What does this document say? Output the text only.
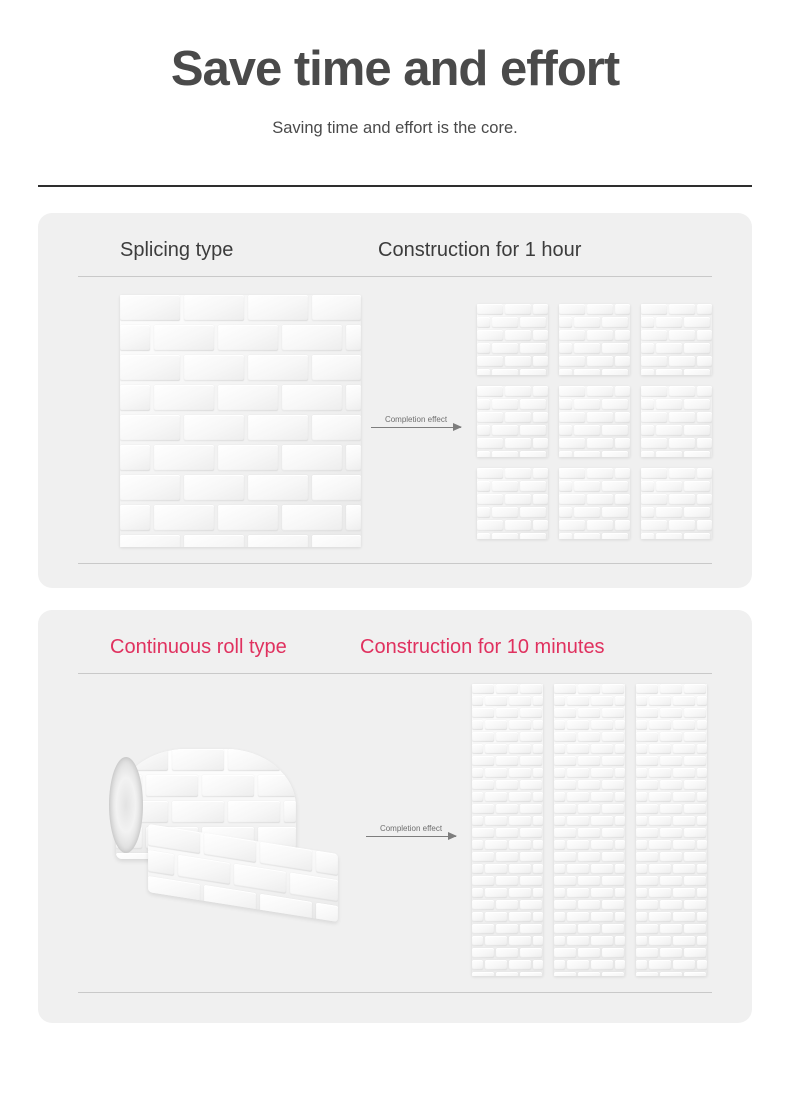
Save time and effort
Saving time and effort is the core.
Splicing type	Construction for 1 hour
Completion effect
Continuous roll type	Construction for 10 minutes
Completion effect
